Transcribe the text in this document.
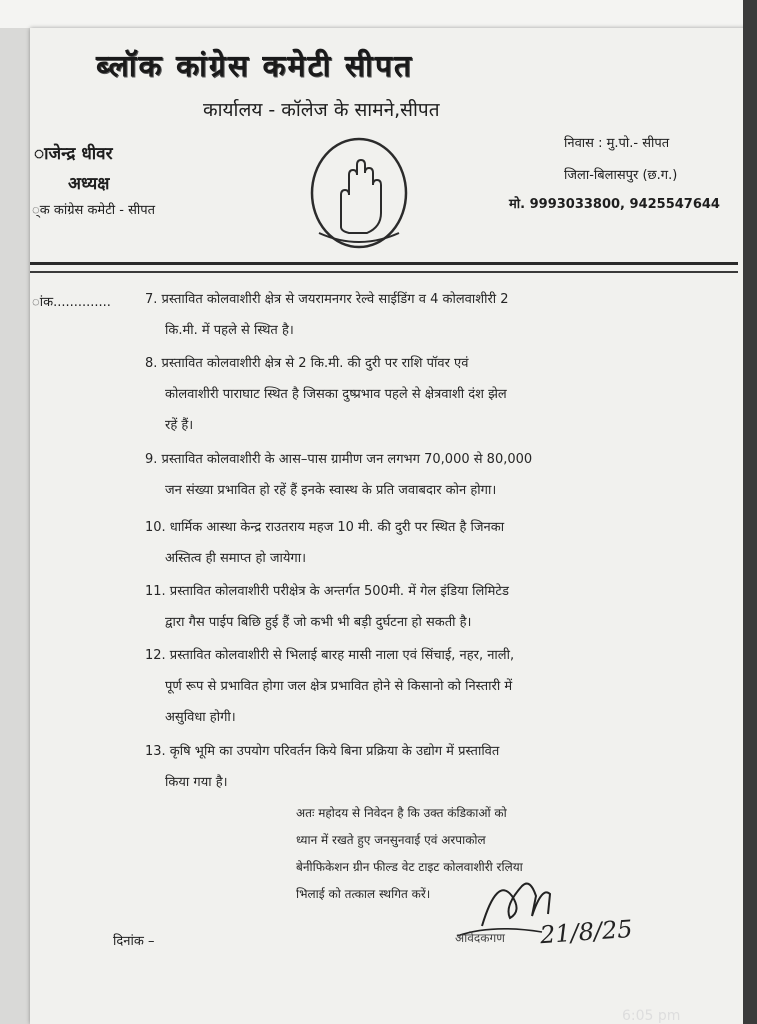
ब्लॉक कांग्रेस कमेटी सीपत
कार्यालय - कॉलेज के सामने,सीपत
ाजेन्द्र धीवर
अध्यक्ष
्क कांग्रेस कमेटी - सीपत
निवास : मु.पो.- सीपत
जिला-बिलासपुर (छ.ग.)
मो. 9993033800, 9425547644
ांक..............	7. प्रस्तावित कोलवाशीरी क्षेत्र से जयरामनगर रेल्वे साईडिंग व 4 कोलवाशीरी 2
कि.मी. में पहले से स्थित है।
8. प्रस्तावित कोलवाशीरी क्षेत्र से 2 कि.मी. की दुरी पर राशि पॉवर एवं
कोलवाशीरी पाराघाट स्थित है जिसका दुष्प्रभाव पहले से क्षेत्रवाशी दंश झेल
रहें हैं।
9. प्रस्तावित कोलवाशीरी के आस–पास ग्रामीण जन लगभग 70,000 से 80,000
जन संख्या प्रभावित हो रहें हैं इनके स्वास्थ के प्रति जवाबदार कोन होगा।
10. धार्मिक आस्था केन्द्र राउतराय महज 10 मी. की दुरी पर स्थित है जिनका
अस्तित्व ही समाप्त हो जायेगा।
11. प्रस्तावित कोलवाशीरी परीक्षेत्र के अन्तर्गत 500मी. में गेल इंडिया लिमिटेड
द्वारा गैस पाईप बिछि हुई हैं जो कभी भी बड़ी दुर्घटना हो सकती है।
12. प्रस्तावित कोलवाशीरी से भिलाई बारह मासी नाला एवं सिंचाई, नहर, नाली,
पूर्ण रूप से प्रभावित होगा जल क्षेत्र प्रभावित होने से किसानो को निस्तारी में
असुविधा होगी।
13. कृषि भूमि का उपयोग परिवर्तन किये बिना प्रक्रिया के उद्योग में प्रस्तावित
किया गया है।
अतः महोदय से निवेदन है कि उक्त कंडिकाओं को
ध्यान में रखते हुए जनसुनवाई एवं अरपाकोल
बेनीफिकेशन ग्रीन फील्ड वेट टाइट कोलवाशीरी रलिया
भिलाई को तत्काल स्थगित करें।
दिनांक –	आवेदकगण 21/8/25
6:05 pm
